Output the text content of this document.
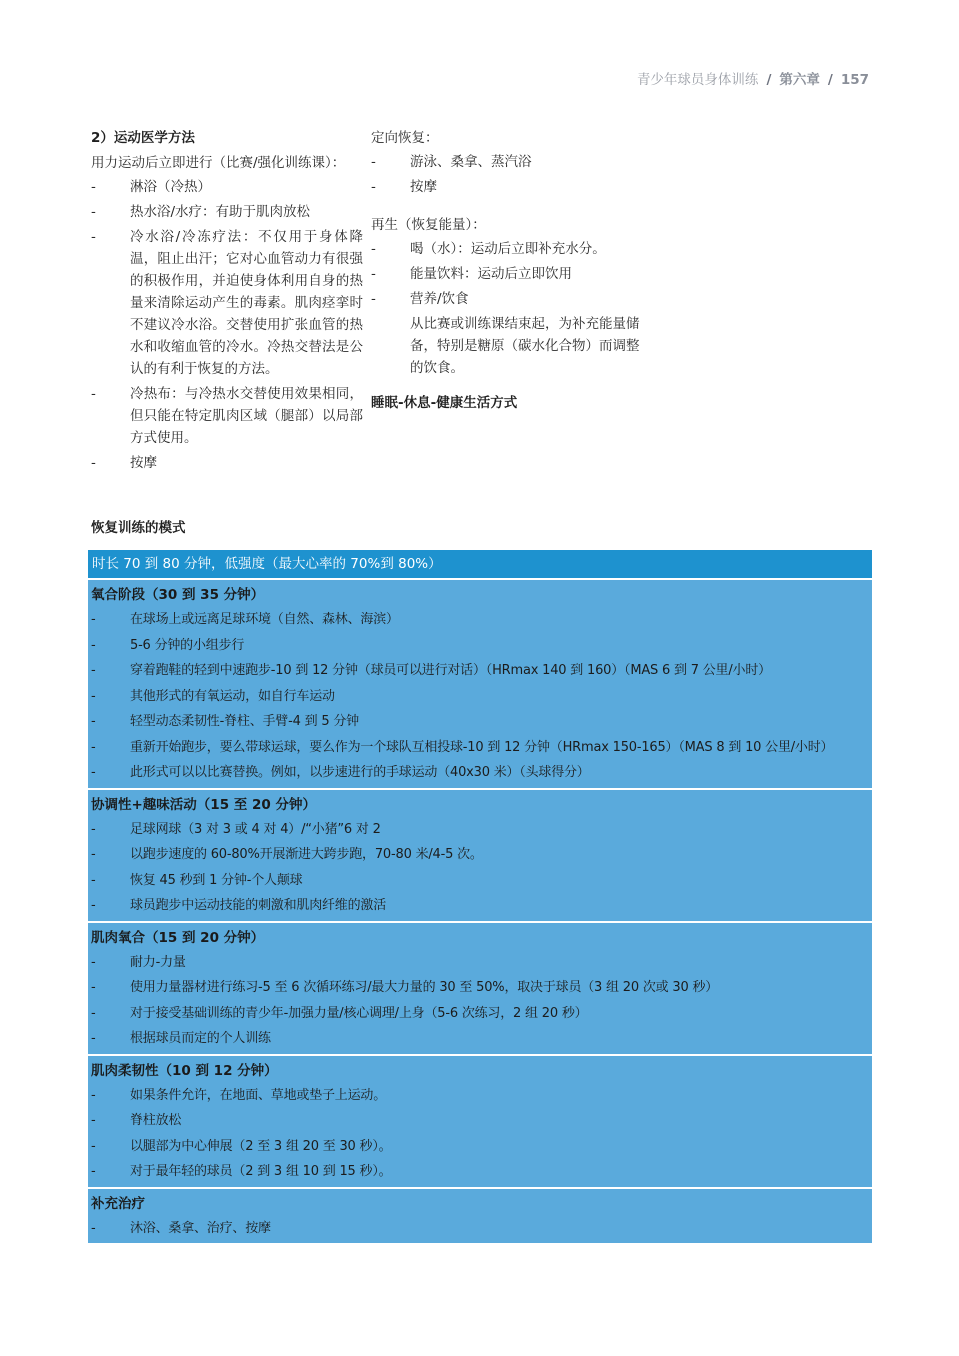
青少年球员身体训练 / 第六章 / 157
2）运动医学方法
用力运动后立即进行（比赛/强化训练课）：
-	淋浴（冷热）
-	热水浴/水疗：有助于肌肉放松
-	冷水浴/冷冻疗法：不仅用于身体降温，阻止出汗；它对心血管动力有很强的积极作用，并迫使身体利用自身的热量来清除运动产生的毒素。肌肉痉挛时不建议冷水浴。交替使用扩张血管的热水和收缩血管的冷水。冷热交替法是公认的有利于恢复的方法。
-	冷热布：与冷热水交替使用效果相同，但只能在特定肌肉区域（腿部）以局部方式使用。
-	按摩
定向恢复：
-	游泳、桑拿、蒸汽浴
-	按摩
再生（恢复能量）：
-	喝（水）：运动后立即补充水分。
-	能量饮料：运动后立即饮用
-	营养/饮食
从比赛或训练课结束起，为补充能量储备，特别是糖原（碳水化合物）而调整的饮食。
睡眠-休息-健康生活方式
恢复训练的模式
时长 70 到 80 分钟，低强度（最大心率的 70%到 80%）
氧合阶段（30 到 35 分钟）
-	在球场上或远离足球环境（自然、森林、海滨）
-	5-6 分钟的小组步行
-	穿着跑鞋的轻到中速跑步-10 到 12 分钟（球员可以进行对话）（HRmax 140 到 160）（MAS 6 到 7 公里/小时）
-	其他形式的有氧运动，如自行车运动
-	轻型动态柔韧性-脊柱、手臂-4 到 5 分钟
-	重新开始跑步，要么带球运球，要么作为一个球队互相投球-10 到 12 分钟（HRmax 150-165）（MAS 8 到 10 公里/小时）
-	此形式可以以比赛替换。例如，以步速进行的手球运动（40x30 米）（头球得分）
协调性+趣味活动（15 至 20 分钟）
-	足球网球（3 对 3 或 4 对 4）/“小猪”6 对 2
-	以跑步速度的 60-80%开展渐进大跨步跑，70-80 米/4-5 次。
-	恢复 45 秒到 1 分钟-个人颠球
-	球员跑步中运动技能的刺激和肌肉纤维的激活
肌肉氧合（15 到 20 分钟）
-	耐力-力量
-	使用力量器材进行练习-5 至 6 次循环练习/最大力量的 30 至 50%，取决于球员（3 组 20 次或 30 秒）
-	对于接受基础训练的青少年-加强力量/核心调理/上身（5-6 次练习，2 组 20 秒）
-	根据球员而定的个人训练
肌肉柔韧性（10 到 12 分钟）
-	如果条件允许，在地面、草地或垫子上运动。
-	脊柱放松
-	以腿部为中心伸展（2 至 3 组 20 至 30 秒）。
-	对于最年轻的球员（2 到 3 组 10 到 15 秒）。
补充治疗
-	沐浴、桑拿、治疗、按摩
